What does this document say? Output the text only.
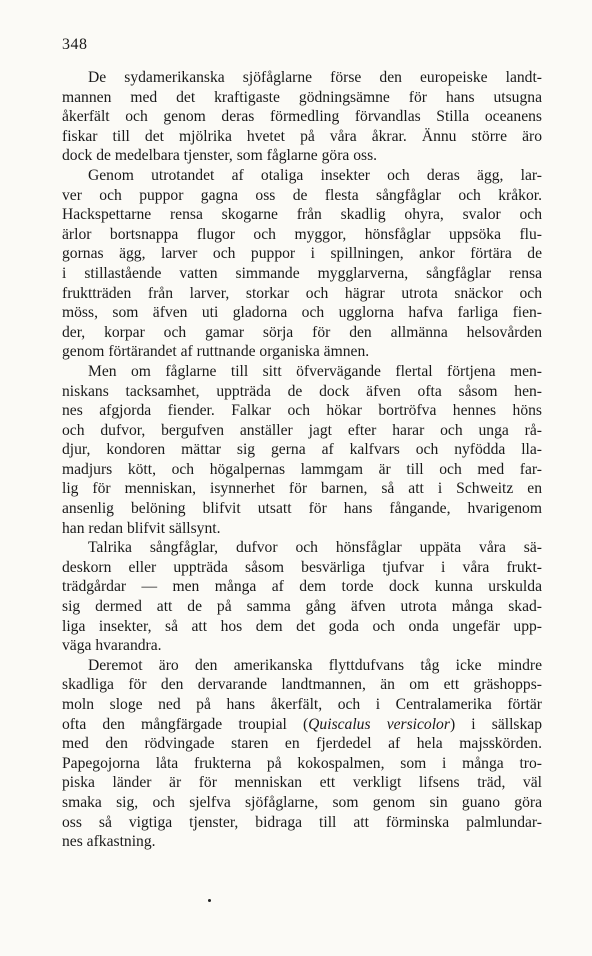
348
De sydamerikanska sjöfåglarne förse den europeiske landt-
mannen med det kraftigaste gödningsämne för hans utsugna
åkerfält och genom deras förmedling förvandlas Stilla oceanens
fiskar till det mjölrika hvetet på våra åkrar. Ännu större äro
dock de medelbara tjenster, som fåglarne göra oss.
Genom utrotandet af otaliga insekter och deras ägg, lar-
ver och puppor gagna oss de flesta sångfåglar och kråkor.
Hackspettarne rensa skogarne från skadlig ohyra, svalor och
ärlor bortsnappa flugor och myggor, hönsfåglar uppsöka flu-
gornas ägg, larver och puppor i spillningen, ankor förtära de
i stillastående vatten simmande mygglarverna, sångfåglar rensa
fruktträden från larver, storkar och hägrar utrota snäckor och
möss, som äfven uti gladorna och ugglorna hafva farliga fien-
der, korpar och gamar sörja för den allmänna helsovården
genom förtärandet af ruttnande organiska ämnen.
Men om fåglarne till sitt öfvervägande flertal förtjena men-
niskans tacksamhet, uppträda de dock äfven ofta såsom hen-
nes afgjorda fiender. Falkar och hökar bortröfva hennes höns
och dufvor, bergufven anställer jagt efter harar och unga rå-
djur, kondoren mättar sig gerna af kalfvars och nyfödda lla-
madjurs kött, och högalpernas lammgam är till och med far-
lig för menniskan, isynnerhet för barnen, så att i Schweitz en
ansenlig belöning blifvit utsatt för hans fångande, hvarigenom
han redan blifvit sällsynt.
Talrika sångfåglar, dufvor och hönsfåglar uppäta våra sä-
deskorn eller uppträda såsom besvärliga tjufvar i våra frukt-
trädgårdar — men många af dem torde dock kunna urskulda
sig dermed att de på samma gång äfven utrota många skad-
liga insekter, så att hos dem det goda och onda ungefär upp-
väga hvarandra.
Deremot äro den amerikanska flyttdufvans tåg icke mindre
skadliga för den dervarande landtmannen, än om ett gräshopps-
moln sloge ned på hans åkerfält, och i Centralamerika förtär
ofta den mångfärgade troupial (Quiscalus versicolor) i sällskap
med den rödvingade staren en fjerdedel af hela majsskörden.
Papegojorna låta frukterna på kokospalmen, som i många tro-
piska länder är för menniskan ett verkligt lifsens träd, väl
smaka sig, och sjelfva sjöfåglarne, som genom sin guano göra
oss så vigtiga tjenster, bidraga till att förminska palmlundar-
nes afkastning.
